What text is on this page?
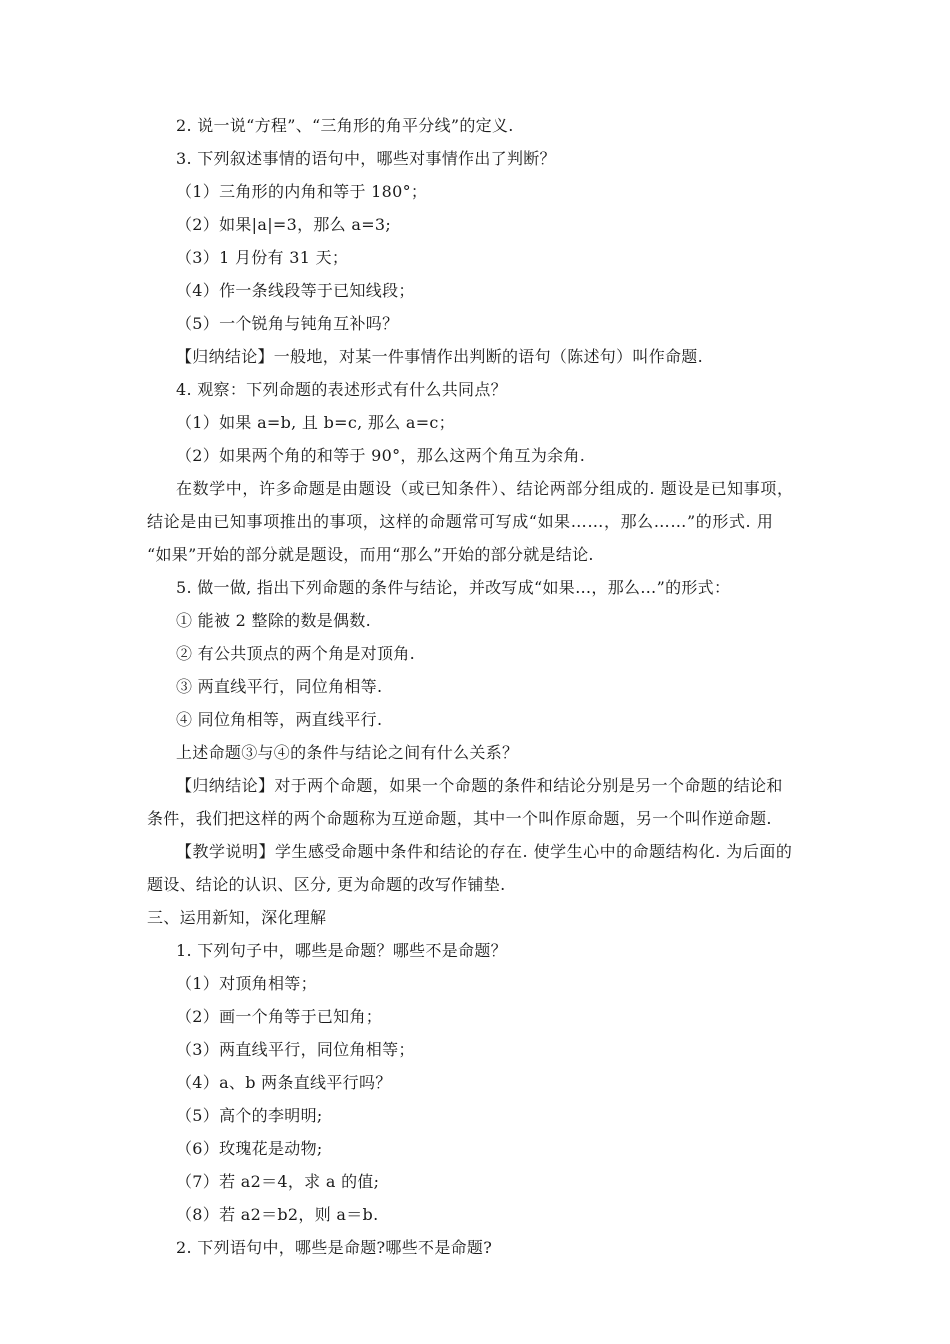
2. 说一说“方程”、“三角形的角平分线”的定义.
3. 下列叙述事情的语句中，哪些对事情作出了判断？
（1）三角形的内角和等于 180°；
（2）如果|a|=3，那么 a=3;
（3）1 月份有 31 天；
（4）作一条线段等于已知线段；
（5）一个锐角与钝角互补吗？
【归纳结论】一般地，对某一件事情作出判断的语句（陈述句）叫作命题.
4. 观察：下列命题的表述形式有什么共同点？
（1）如果 a=b, 且 b=c, 那么 a=c；
（2）如果两个角的和等于 90°，那么这两个角互为余角.
在数学中，许多命题是由题设（或已知条件）、结论两部分组成的. 题设是已知事项，
结论是由已知事项推出的事项，这样的命题常可写成“如果……，那么……”的形式. 用
“如果”开始的部分就是题设，而用“那么”开始的部分就是结论.
5. 做一做, 指出下列命题的条件与结论，并改写成“如果…，那么…”的形式：
① 能被 2 整除的数是偶数.
② 有公共顶点的两个角是对顶角.
③ 两直线平行，同位角相等.
④ 同位角相等，两直线平行.
上述命题③与④的条件与结论之间有什么关系？
【归纳结论】对于两个命题，如果一个命题的条件和结论分别是另一个命题的结论和
条件，我们把这样的两个命题称为互逆命题，其中一个叫作原命题，另一个叫作逆命题.
【教学说明】学生感受命题中条件和结论的存在. 使学生心中的命题结构化. 为后面的
题设、结论的认识、区分, 更为命题的改写作铺垫.
三、运用新知，深化理解
1. 下列句子中，哪些是命题？哪些不是命题？
（1）对顶角相等；
（2）画一个角等于已知角；
（3）两直线平行，同位角相等；
（4）a、b 两条直线平行吗？
（5）高个的李明明;
（6）玫瑰花是动物;
（7）若 a2＝4，求 a 的值;
（8）若 a2＝b2，则 a＝b.
2. 下列语句中，哪些是命题?哪些不是命题?
